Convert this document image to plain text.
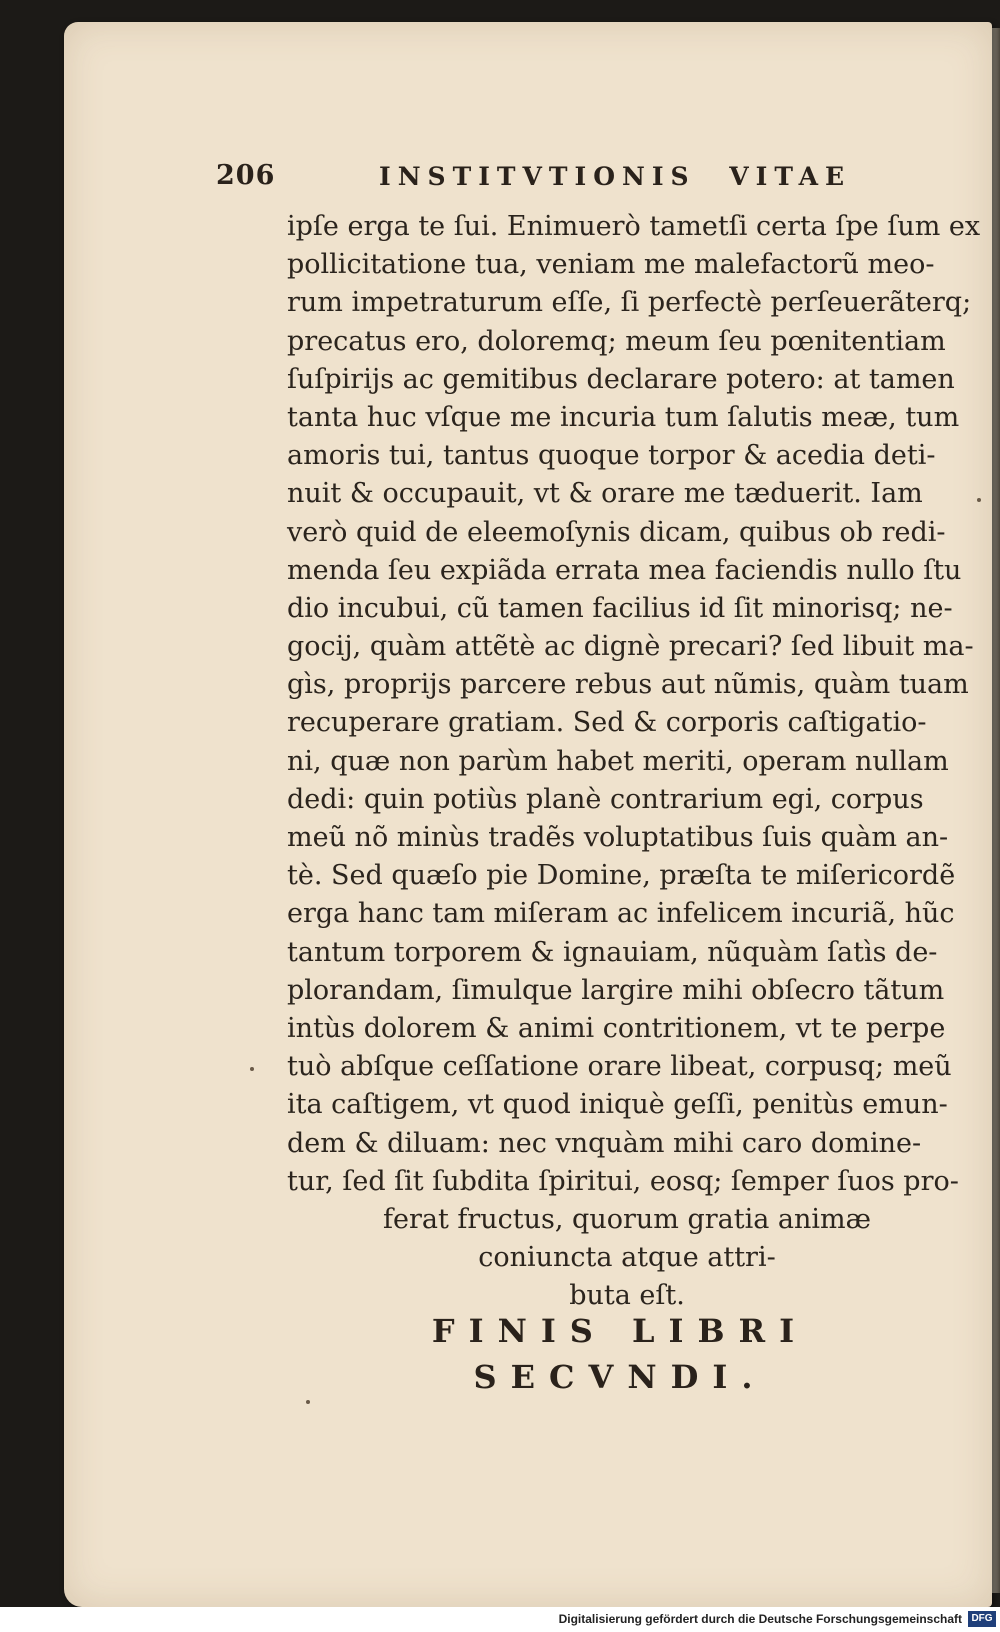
206	INSTITVTIONIS VITAE
ipſe erga te ſui. Enimuerò tametſi certa ſpe ſum ex
pollicitatione tua, veniam me malefactorũ meo-
rum impetraturum eſſe, ſi perfectè perſeuerãterq;
precatus ero, doloremq; meum ſeu pœnitentiam
ſuſpirijs ac gemitibus declarare potero: at tamen
tanta huc vſque me incuria tum ſalutis meæ, tum
amoris tui, tantus quoque torpor & acedia deti-
nuit & occupauit, vt & orare me tæduerit. Iam
verò quid de eleemoſynis dicam, quibus ob redi-
menda ſeu expiãda errata mea faciendis nullo ſtu
dio incubui, cũ tamen facilius id ſit minorisq; ne-
gocij, quàm attẽtè ac dignè precari? ſed libuit ma-
gìs, proprijs parcere rebus aut nũmis, quàm tuam
recuperare gratiam. Sed & corporis caſtigatio-
ni, quæ non parùm habet meriti, operam nullam
dedi: quin potiùs planè contrarium egi, corpus
meũ nõ minùs tradẽs voluptatibus ſuis quàm an-
tè. Sed quæſo pie Domine, præſta te miſericordẽ
erga hanc tam miſeram ac infelicem incuriã, hũc
tantum torporem & ignauiam, nũquàm ſatìs de-
plorandam, ſimulque largire mihi obſecro tãtum
intùs dolorem & animi contritionem, vt te perpe
tuò abſque ceſſatione orare libeat, corpusq; meũ
ita caſtigem, vt quod iniquè geſſi, penitùs emun-
dem & diluam: nec vnquàm mihi caro domine-
tur, ſed ſit ſubdita ſpiritui, eosq; ſemper ſuos pro-
ferat fructus, quorum gratia animæ
coniuncta atque attri-
buta eſt.
FINIS LIBRI
SECVNDI.
Digitalisierung gefördert durch die Deutsche Forschungsgemeinschaft DFG
